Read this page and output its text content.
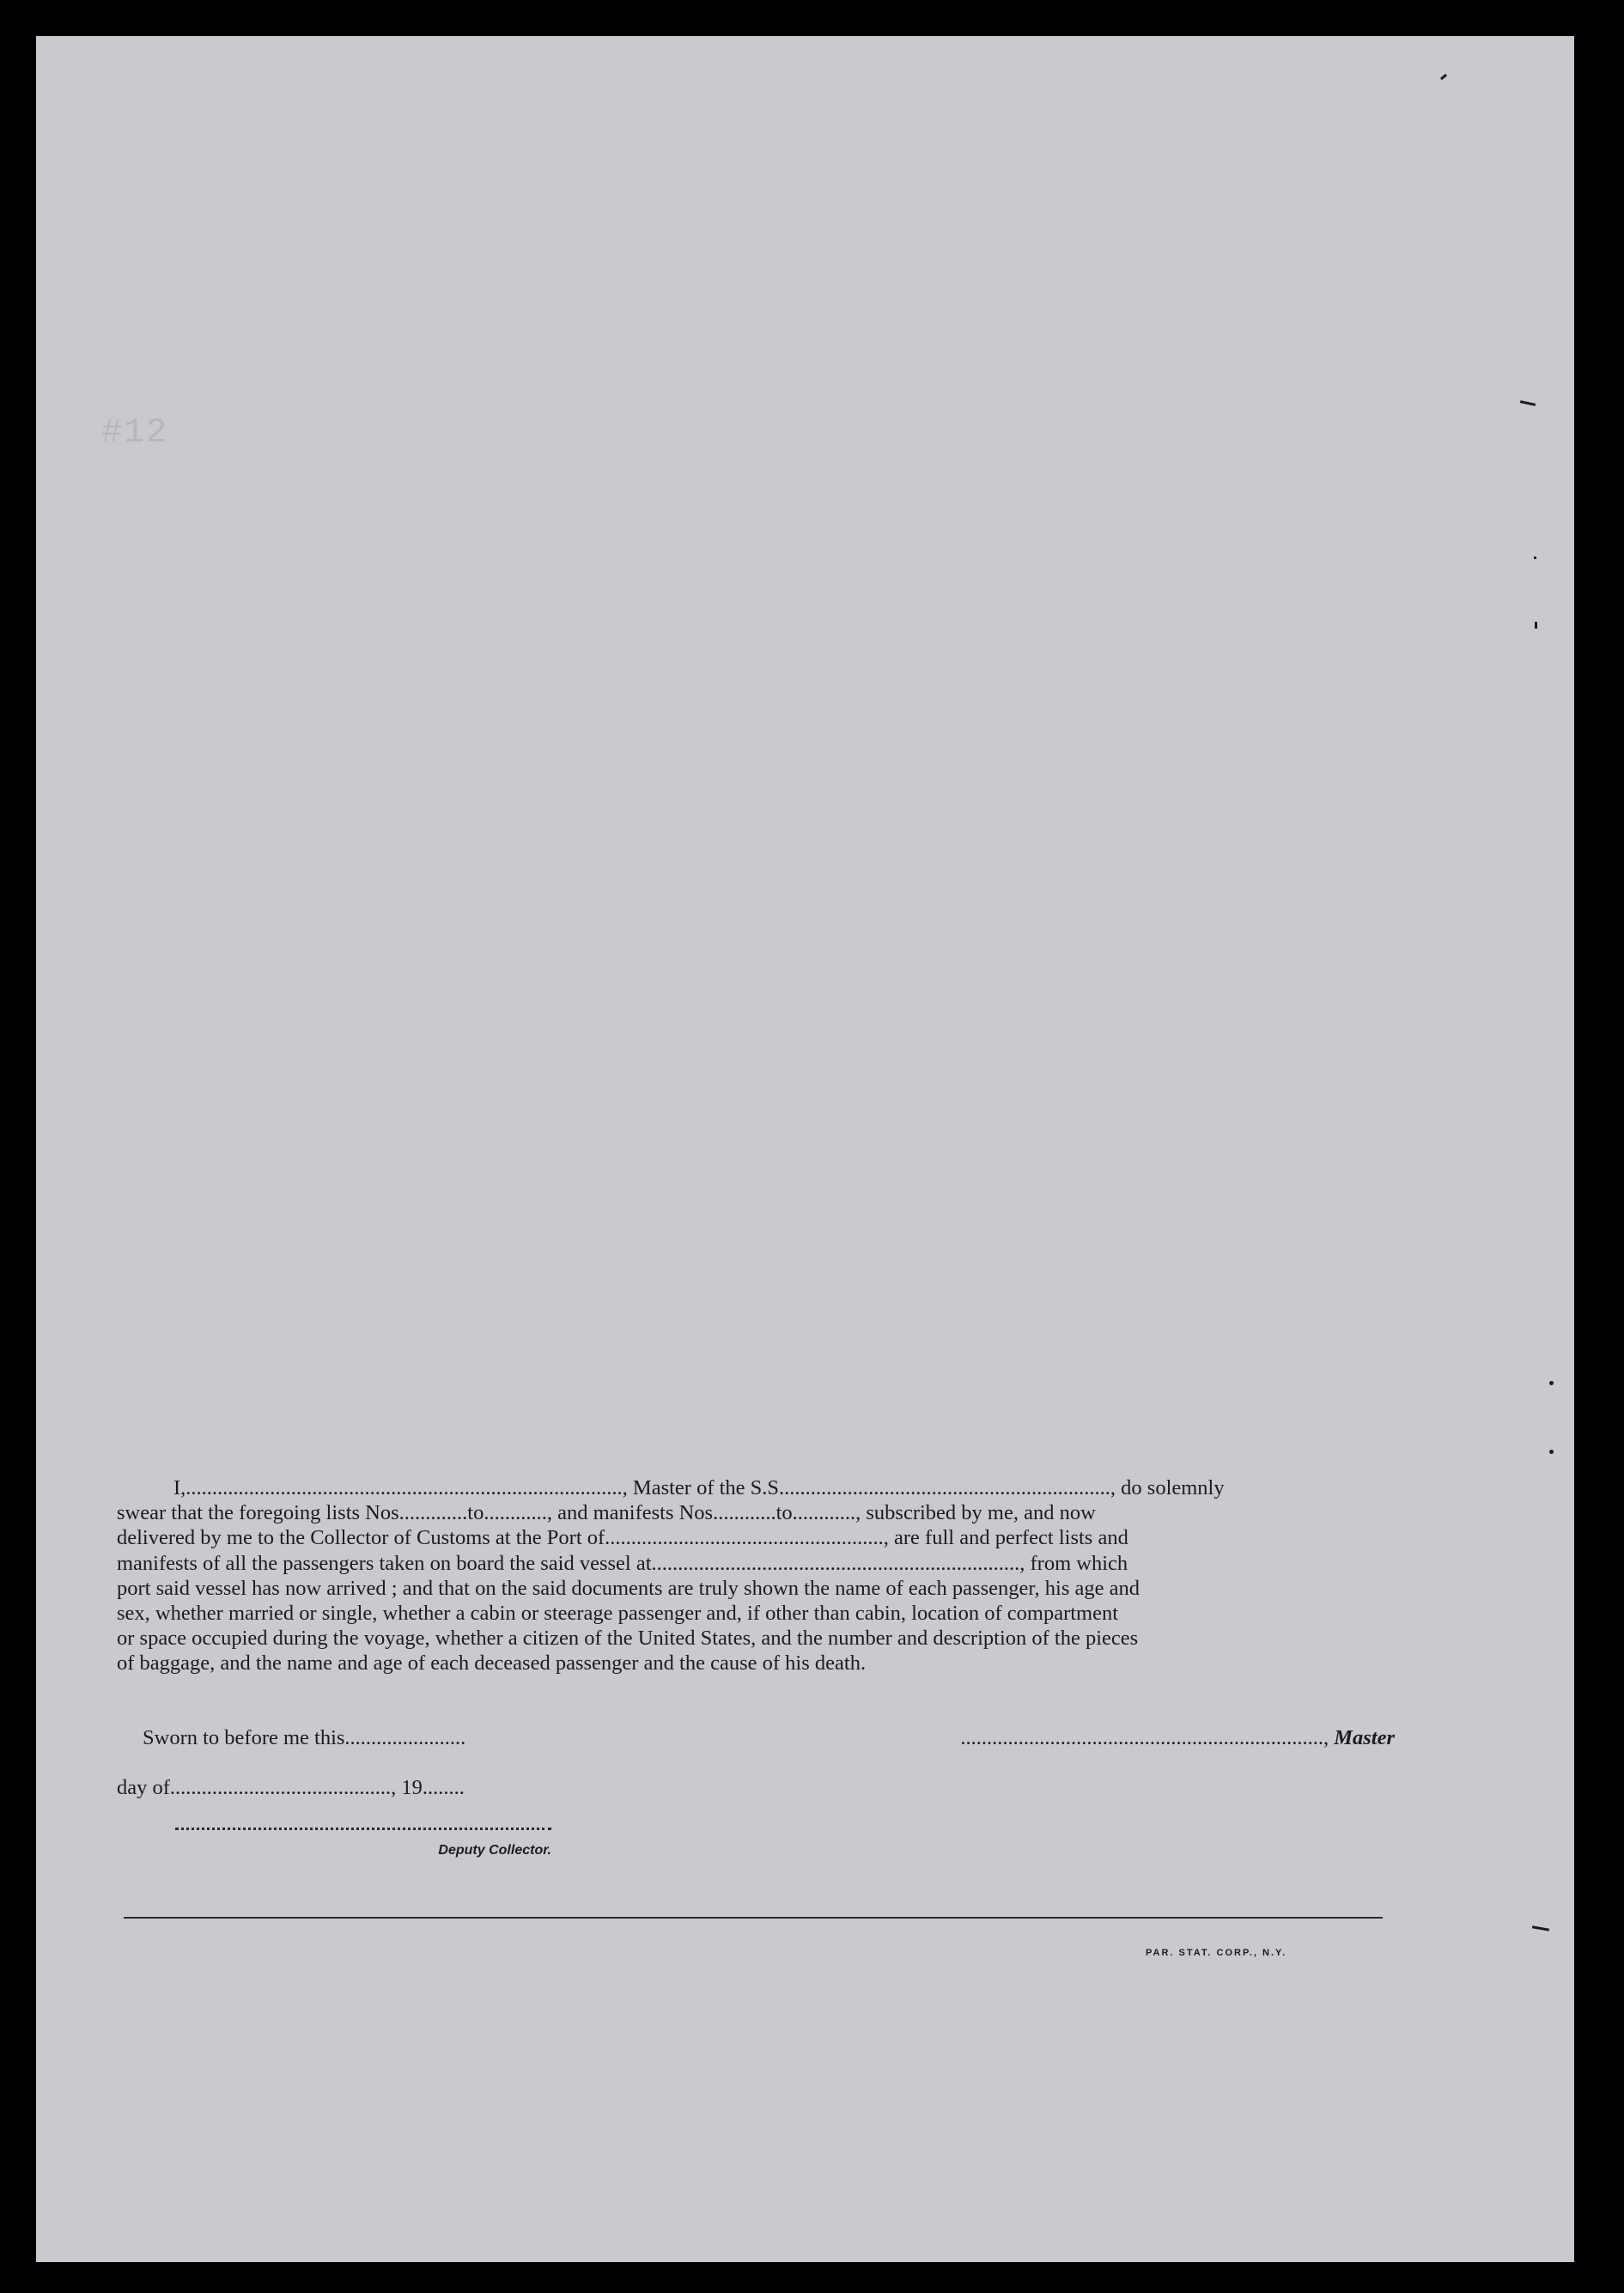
#12

I,..................................................................................., Master of the S.S..............................................................., do solemnly

swear that the foregoing lists Nos.............to............, and manifests Nos............to............, subscribed by me, and now

delivered by me to the Collector of Customs at the Port of....................................................., are full and perfect lists and

manifests of all the passengers taken on board the said vessel at......................................................................, from which

port said vessel has now arrived ; and that on the said documents are truly shown the name of each passenger, his age and

sex, whether married or single, whether a cabin or steerage passenger and, if other than cabin, location of compartment

or space occupied during the voyage, whether a citizen of the United States, and the number and description of the pieces

of baggage, and the name and age of each deceased passenger and the cause of his death.

Sworn to before me this.......................	....................................................................., Master
day of.........................................., 19........
Deputy Collector.
PAR. STAT. CORP., N.Y.
